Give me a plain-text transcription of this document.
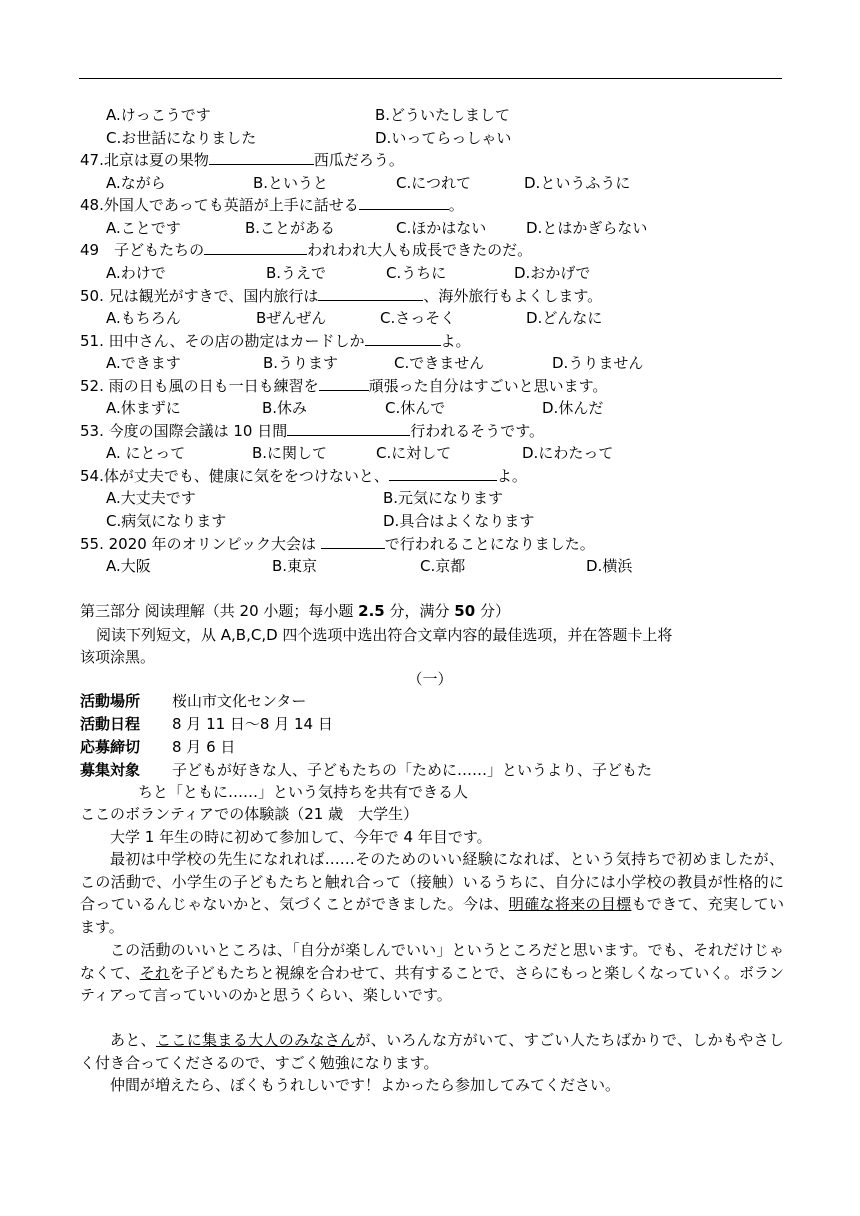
A.けっこうです	B.どういたしまして
C.お世話になりました	D.いってらっしゃい
47.北京は夏の果物	西瓜だろう。
A.ながら	B.というと	C.につれて	D.というふうに
48.外国人であっても英語が上手に話せる	。
A.ことです	B.ことがある	C.ほかはない	D.とはかぎらない
49　子どもたちの	われわれ大人も成長できたのだ。
A.わけで	B.うえで	C.うちに	D.おかげで
50. 兄は観光がすきで、国内旅行は	、海外旅行もよくします。
A.もちろん	Bぜんぜん	C.さっそく	D.どんなに
51. 田中さん、その店の勘定はカードしか	よ。
A.できます	B.うります	C.できません	D.うりません
52. 雨の日も風の日も一日も練習を	頑張った自分はすごいと思います。
A.休まずに	B.休み	C.休んで	D.休んだ
53. 今度の国際会議は 10 日間	行われるそうです。
A. にとって	B.に関して	C.に対して	D.にわたって
54.体が丈夫でも、健康に気ををつけないと、	よ。
A.大丈夫です	B.元気になります
C.病気になります	D.具合はよくなります
55. 2020 年のオリンピック大会は	で行われることになりました。
A.大阪	B.東京	C.京都	D.横浜
第三部分 阅读理解（共 20 小题；每小题 2.5 分，满分 50 分）
阅读下列短文，从 A,B,C,D 四个选项中选出符合文章内容的最佳选项，并在答题卡上将
该项涂黑。
（一）
活動場所 桜山市文化センター
活動日程 8 月 11 日～8 月 14 日
応募締切 8 月 6 日
募集対象 子どもが好きな人、子どもたちの「ために‥‥‥」というより、子どもた
ちと「ともに‥‥‥」という気持ちを共有できる人
ここのボランティアでの体験談（21 歳　大学生）
大学 1 年生の時に初めて参加して、今年で 4 年目です。
最初は中学校の先生になれれば‥‥‥そのためのいい経験になれば、という気持ちで初めましたが、この活動で、小学生の子どもたちと触れ合って（接触）いるうちに、自分には小学校の教員が性格的に合っているんじゃないかと、気づくことができました。今は、明確な将来の目標もできて、充実しています。
この活動のいいところは、「自分が楽しんでいい」というところだと思います。でも、それだけじゃなくて、それを子どもたちと視線を合わせて、共有することで、さらにもっと楽しくなっていく。ボランティアって言っていいのかと思うくらい、楽しいです。
あと、ここに集まる大人のみなさんが、いろんな方がいて、すごい人たちばかりで、しかもやさしく付き合ってくださるので、すごく勉強になります。
仲間が増えたら、ぼくもうれしいです！よかったら参加してみてください。
